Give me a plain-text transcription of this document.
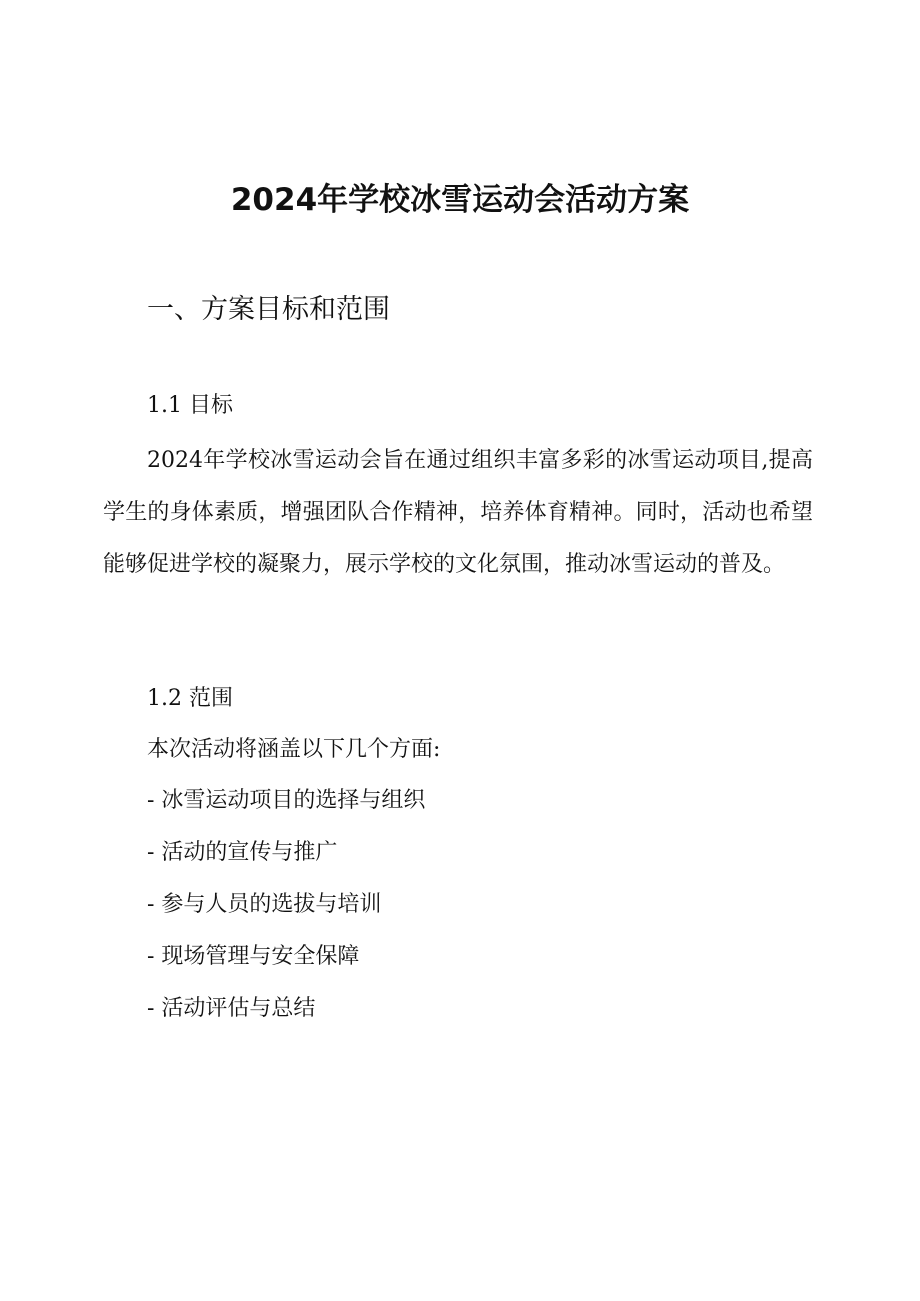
2024年学校冰雪运动会活动方案
一、方案目标和范围
1.1 目标

2024年学校冰雪运动会旨在通过组织丰富多彩的冰雪运动项目,提高学生的身体素质，增强团队合作精神，培养体育精神。同时，活动也希望能够促进学校的凝聚力，展示学校的文化氛围，推动冰雪运动的普及。

1.2 范围

本次活动将涵盖以下几个方面:

- 冰雪运动项目的选择与组织
- 活动的宣传与推广
- 参与人员的选拔与培训
- 现场管理与安全保障
- 活动评估与总结
